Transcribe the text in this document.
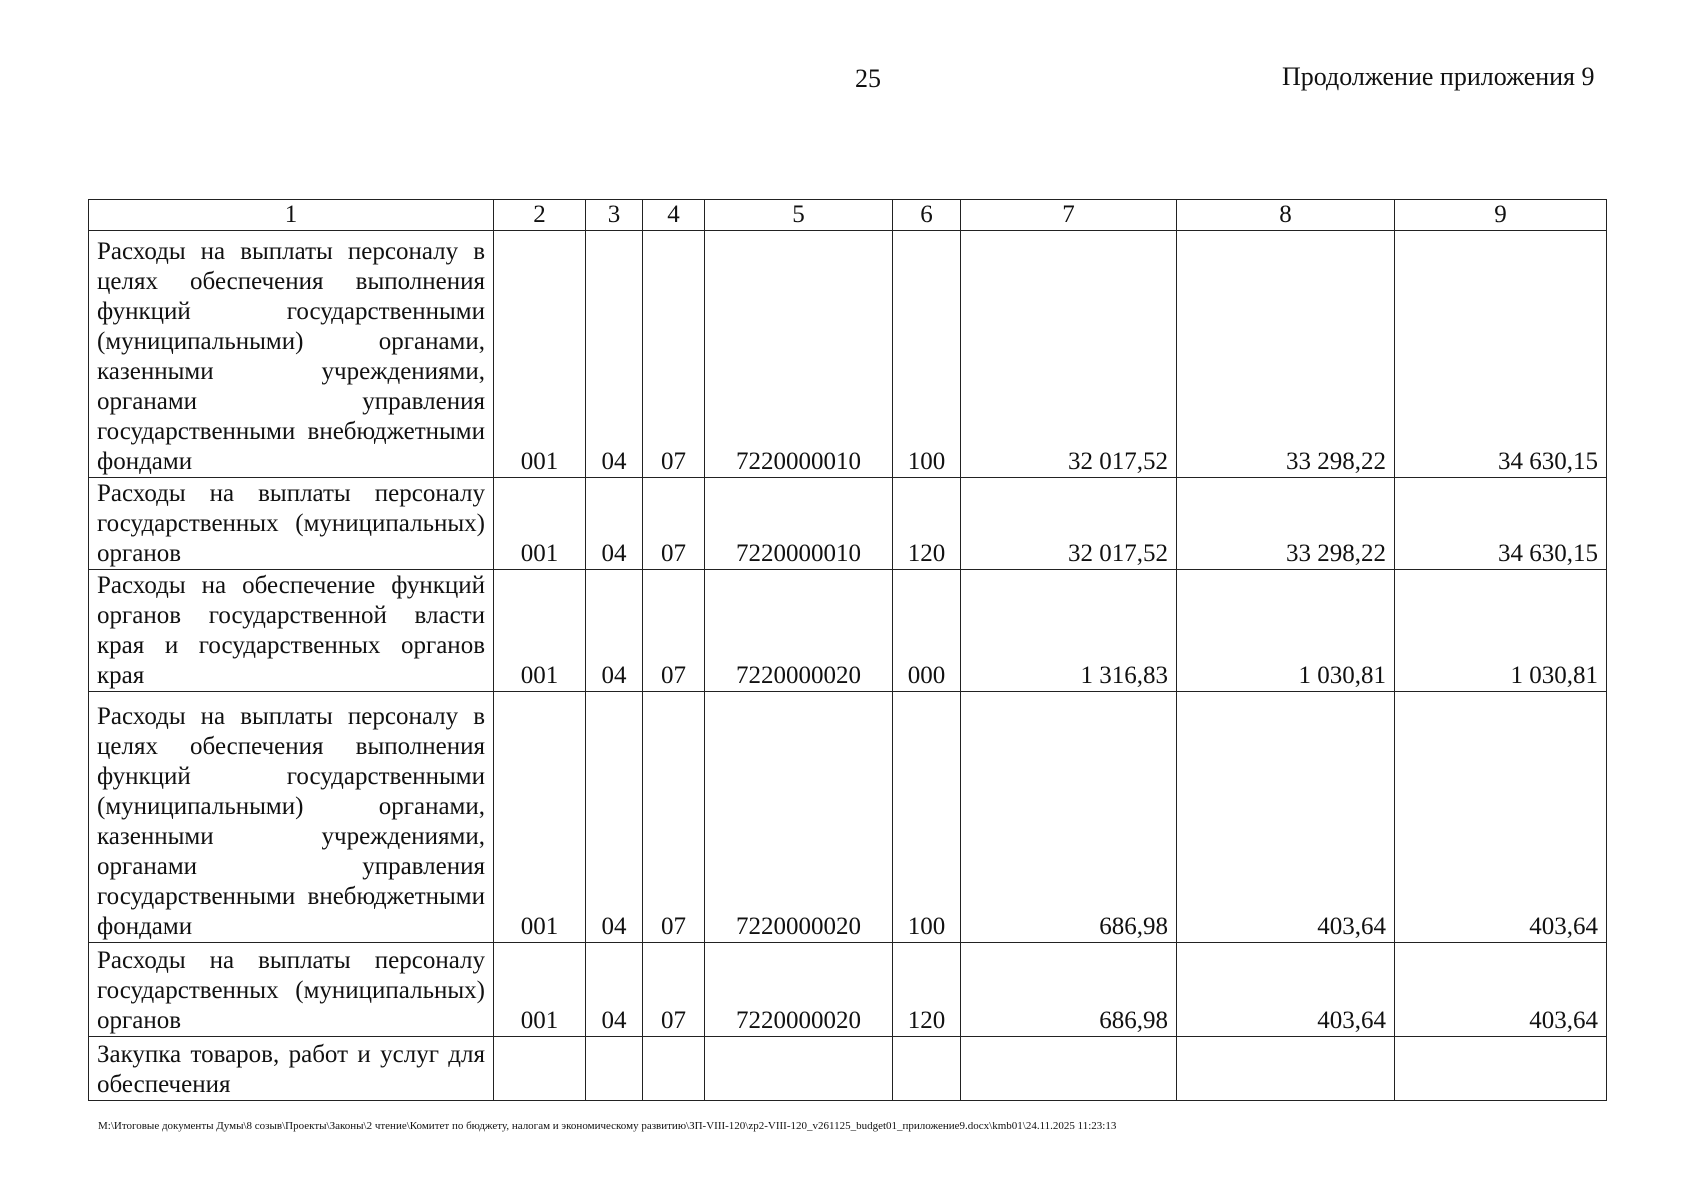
25	Продолжение приложения 9
1	2	3	4	5	6	7	8	9
Расходы на выплаты персоналу в целях обеспечения выполнения функций государственными (муниципальными) органами, казенными учреждениями, органами управления государственными внебюджетными фондами	001	04	07	7220000010	100	32 017,52	33 298,22	34 630,15
Расходы на выплаты персоналу государственных (муниципальных) органов	001	04	07	7220000010	120	32 017,52	33 298,22	34 630,15
Расходы на обеспечение функций органов государственной власти края и государственных органов края	001	04	07	7220000020	000	1 316,83	1 030,81	1 030,81
Расходы на выплаты персоналу в целях обеспечения выполнения функций государственными (муниципальными) органами, казенными учреждениями, органами управления государственными внебюджетными фондами	001	04	07	7220000020	100	686,98	403,64	403,64
Расходы на выплаты персоналу государственных (муниципальных) органов	001	04	07	7220000020	120	686,98	403,64	403,64
Закупка товаров, работ и услуг для обеспечения								
M:\Итоговые документы Думы\8 созыв\Проекты\Законы\2 чтение\Комитет по бюджету, налогам и экономическому развитию\ЗП-VIII-120\zp2-VIII-120_v261125_budget01_приложение9.docx\kmb01\24.11.2025 11:23:13
